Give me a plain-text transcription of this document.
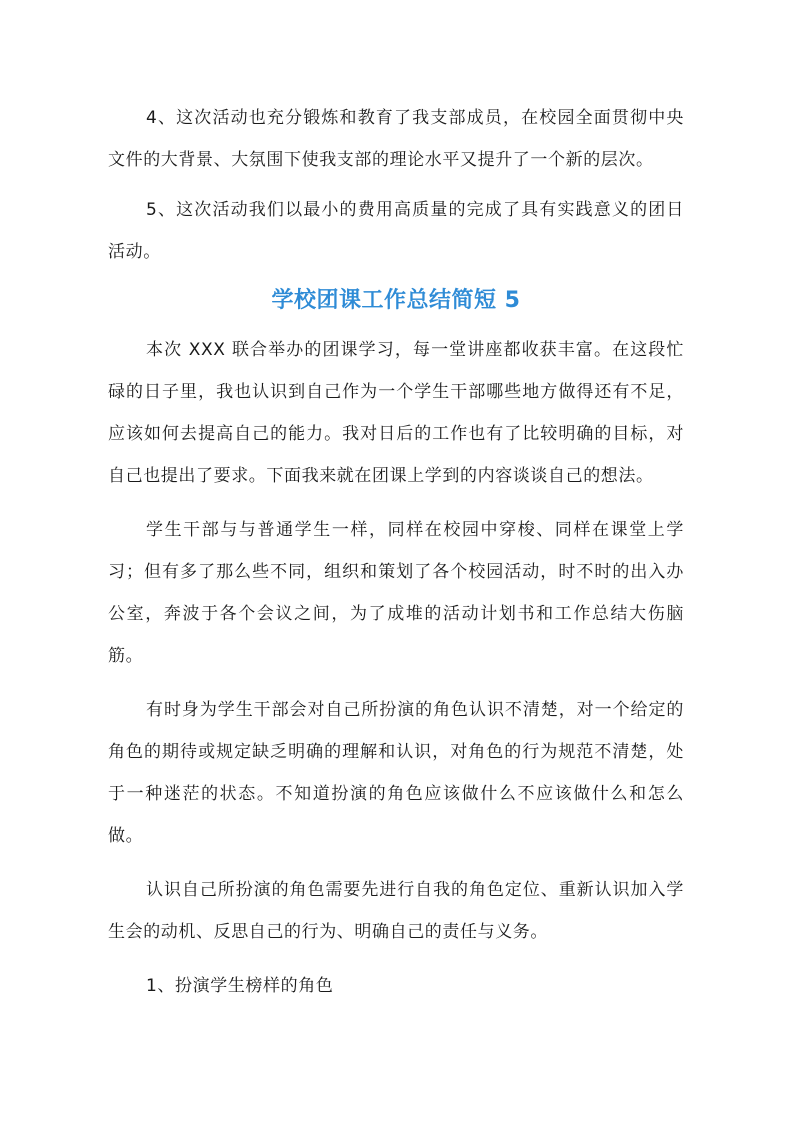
4、这次活动也充分锻炼和教育了我支部成员，在校园全面贯彻中央文件的大背景、大氛围下使我支部的理论水平又提升了一个新的层次。

5、这次活动我们以最小的费用高质量的完成了具有实践意义的团日活动。

学校团课工作总结简短 5

本次 XXX 联合举办的团课学习，每一堂讲座都收获丰富。在这段忙碌的日子里，我也认识到自己作为一个学生干部哪些地方做得还有不足，应该如何去提高自己的能力。我对日后的工作也有了比较明确的目标，对自己也提出了要求。下面我来就在团课上学到的内容谈谈自己的想法。

学生干部与与普通学生一样，同样在校园中穿梭、同样在课堂上学习；但有多了那么些不同，组织和策划了各个校园活动，时不时的出入办公室，奔波于各个会议之间，为了成堆的活动计划书和工作总结大伤脑筋。

有时身为学生干部会对自己所扮演的角色认识不清楚，对一个给定的角色的期待或规定缺乏明确的理解和认识，对角色的行为规范不清楚，处于一种迷茫的状态。不知道扮演的角色应该做什么不应该做什么和怎么做。

认识自己所扮演的角色需要先进行自我的角色定位、重新认识加入学生会的动机、反思自己的行为、明确自己的责任与义务。

1、扮演学生榜样的角色
